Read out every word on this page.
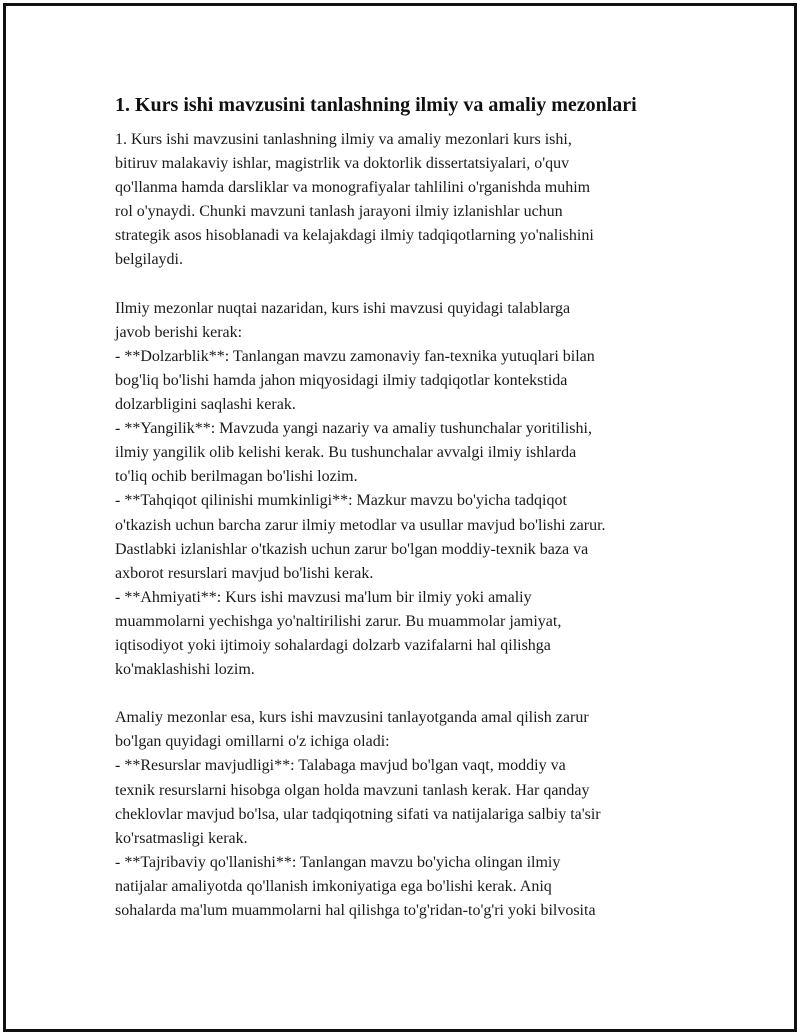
1. Kurs ishi mavzusini tanlashning ilmiy va amaliy mezonlari
1. Kurs ishi mavzusini tanlashning ilmiy va amaliy mezonlari kurs ishi,
bitiruv malakaviy ishlar, magistrlik va doktorlik dissertatsiyalari, o'quv
qo'llanma hamda darsliklar va monografiyalar tahlilini o'rganishda muhim
rol o'ynaydi. Chunki mavzuni tanlash jarayoni ilmiy izlanishlar uchun
strategik asos hisoblanadi va kelajakdagi ilmiy tadqiqotlarning yo'nalishini
belgilaydi.
Ilmiy mezonlar nuqtai nazaridan, kurs ishi mavzusi quyidagi talablarga
javob berishi kerak:
- **Dolzarblik**: Tanlangan mavzu zamonaviy fan-texnika yutuqlari bilan
bog'liq bo'lishi hamda jahon miqyosidagi ilmiy tadqiqotlar kontekstida
dolzarbligini saqlashi kerak.
- **Yangilik**: Mavzuda yangi nazariy va amaliy tushunchalar yoritilishi,
ilmiy yangilik olib kelishi kerak. Bu tushunchalar avvalgi ilmiy ishlarda
to'liq ochib berilmagan bo'lishi lozim.
- **Tahqiqot qilinishi mumkinligi**: Mazkur mavzu bo'yicha tadqiqot
o'tkazish uchun barcha zarur ilmiy metodlar va usullar mavjud bo'lishi zarur.
Dastlabki izlanishlar o'tkazish uchun zarur bo'lgan moddiy-texnik baza va
axborot resurslari mavjud bo'lishi kerak.
- **Ahmiyati**: Kurs ishi mavzusi ma'lum bir ilmiy yoki amaliy
muammolarni yechishga yo'naltirilishi zarur. Bu muammolar jamiyat,
iqtisodiyot yoki ijtimoiy sohalardagi dolzarb vazifalarni hal qilishga
ko'maklashishi lozim.
Amaliy mezonlar esa, kurs ishi mavzusini tanlayotganda amal qilish zarur
bo'lgan quyidagi omillarni o'z ichiga oladi:
- **Resurslar mavjudligi**: Talabaga mavjud bo'lgan vaqt, moddiy va
texnik resurslarni hisobga olgan holda mavzuni tanlash kerak. Har qanday
cheklovlar mavjud bo'lsa, ular tadqiqotning sifati va natijalariga salbiy ta'sir
ko'rsatmasligi kerak.
- **Tajribaviy qo'llanishi**: Tanlangan mavzu bo'yicha olingan ilmiy
natijalar amaliyotda qo'llanish imkoniyatiga ega bo'lishi kerak. Aniq
sohalarda ma'lum muammolarni hal qilishga to'g'ridan-to'g'ri yoki bilvosita
